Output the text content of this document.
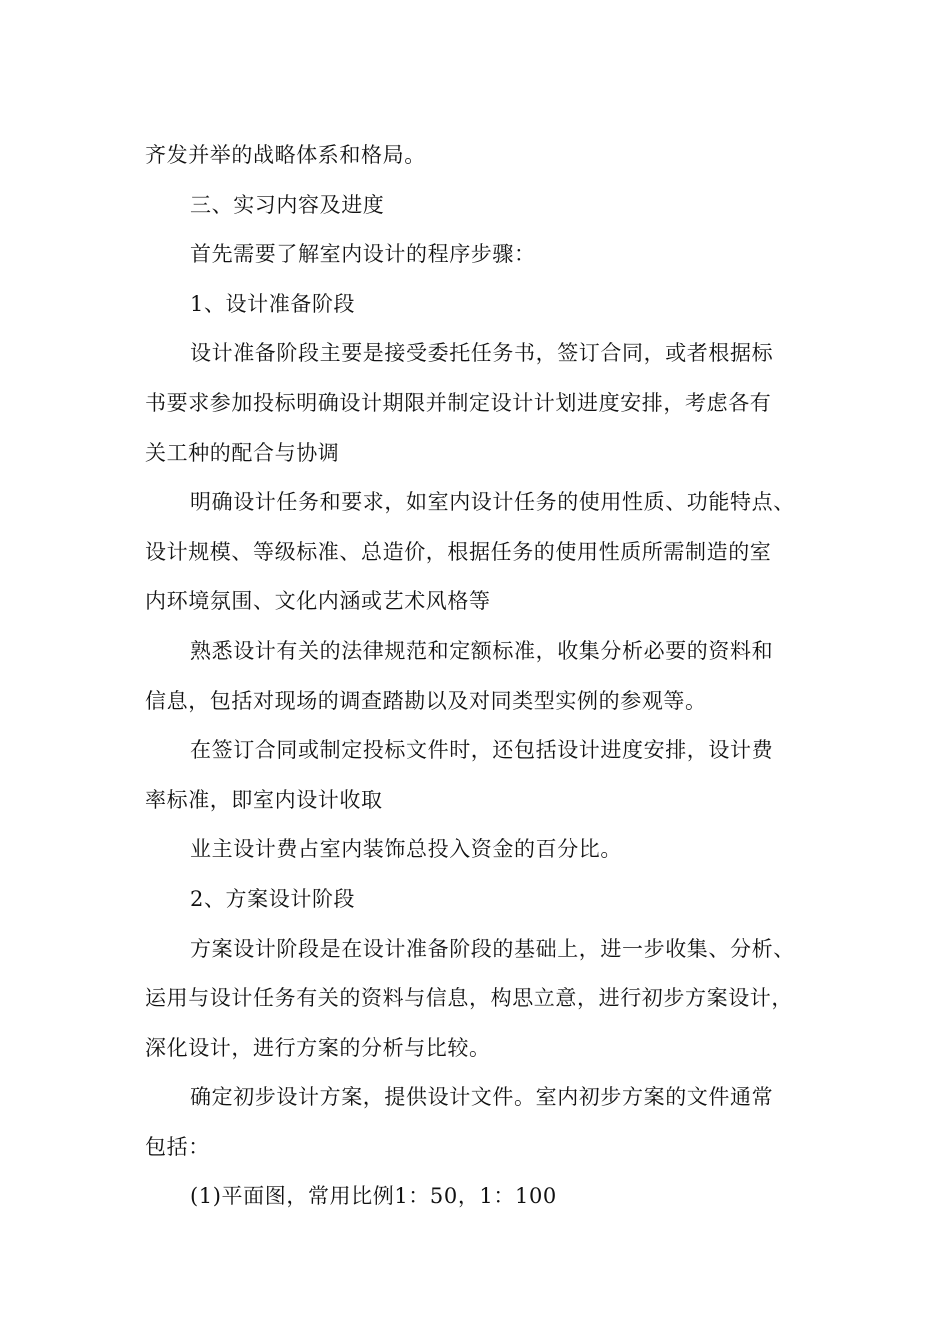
齐发并举的战略体系和格局。
三、实习内容及进度
首先需要了解室内设计的程序步骤：
1、设计准备阶段
设计准备阶段主要是接受委托任务书，签订合同，或者根据标
书要求参加投标明确设计期限并制定设计计划进度安排，考虑各有
关工种的配合与协调
明确设计任务和要求，如室内设计任务的使用性质、功能特点、
设计规模、等级标准、总造价，根据任务的使用性质所需制造的室
内环境氛围、文化内涵或艺术风格等
熟悉设计有关的法律规范和定额标准，收集分析必要的资料和
信息，包括对现场的调查踏勘以及对同类型实例的参观等。
在签订合同或制定投标文件时，还包括设计进度安排，设计费
率标准，即室内设计收取
业主设计费占室内装饰总投入资金的百分比。
2、方案设计阶段
方案设计阶段是在设计准备阶段的基础上，进一步收集、分析、
运用与设计任务有关的资料与信息，构思立意，进行初步方案设计，
深化设计，进行方案的分析与比较。
确定初步设计方案，提供设计文件。室内初步方案的文件通常
包括：
(1)平面图，常用比例1：50，1：100
